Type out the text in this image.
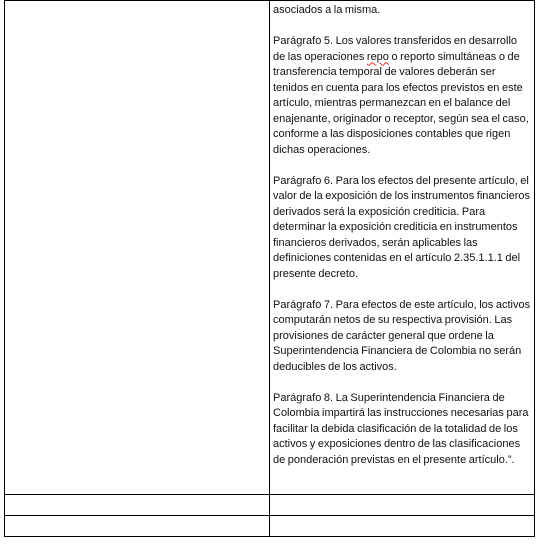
	asociados a la misma.

Parágrafo 5. Los valores transferidos en desarrollo de las operaciones repo o reporto simultáneas o de transferencia temporal de valores deberán ser tenidos en cuenta para los efectos previstos en este artículo, mientras permanezcan en el balance del enajenante, originador o receptor, según sea el caso, conforme a las disposiciones contables que rigen dichas operaciones.

Parágrafo 6. Para los efectos del presente artículo, el valor de la exposición de los instrumentos financieros derivados será la exposición crediticia. Para determinar la exposición crediticia en instrumentos financieros derivados, serán aplicables las definiciones contenidas en el artículo 2.35.1.1.1 del presente decreto.

Parágrafo 7. Para efectos de este artículo, los activos computarán netos de su respectiva provisión. Las provisiones de carácter general que ordene la Superintendencia Financiera de Colombia no serán deducibles de los activos.

Parágrafo 8. La Superintendencia Financiera de Colombia impartirá las instrucciones necesarias para facilitar la debida clasificación de la totalidad de los activos y exposiciones dentro de las clasificaciones de ponderación previstas en el presente artículo.”.
